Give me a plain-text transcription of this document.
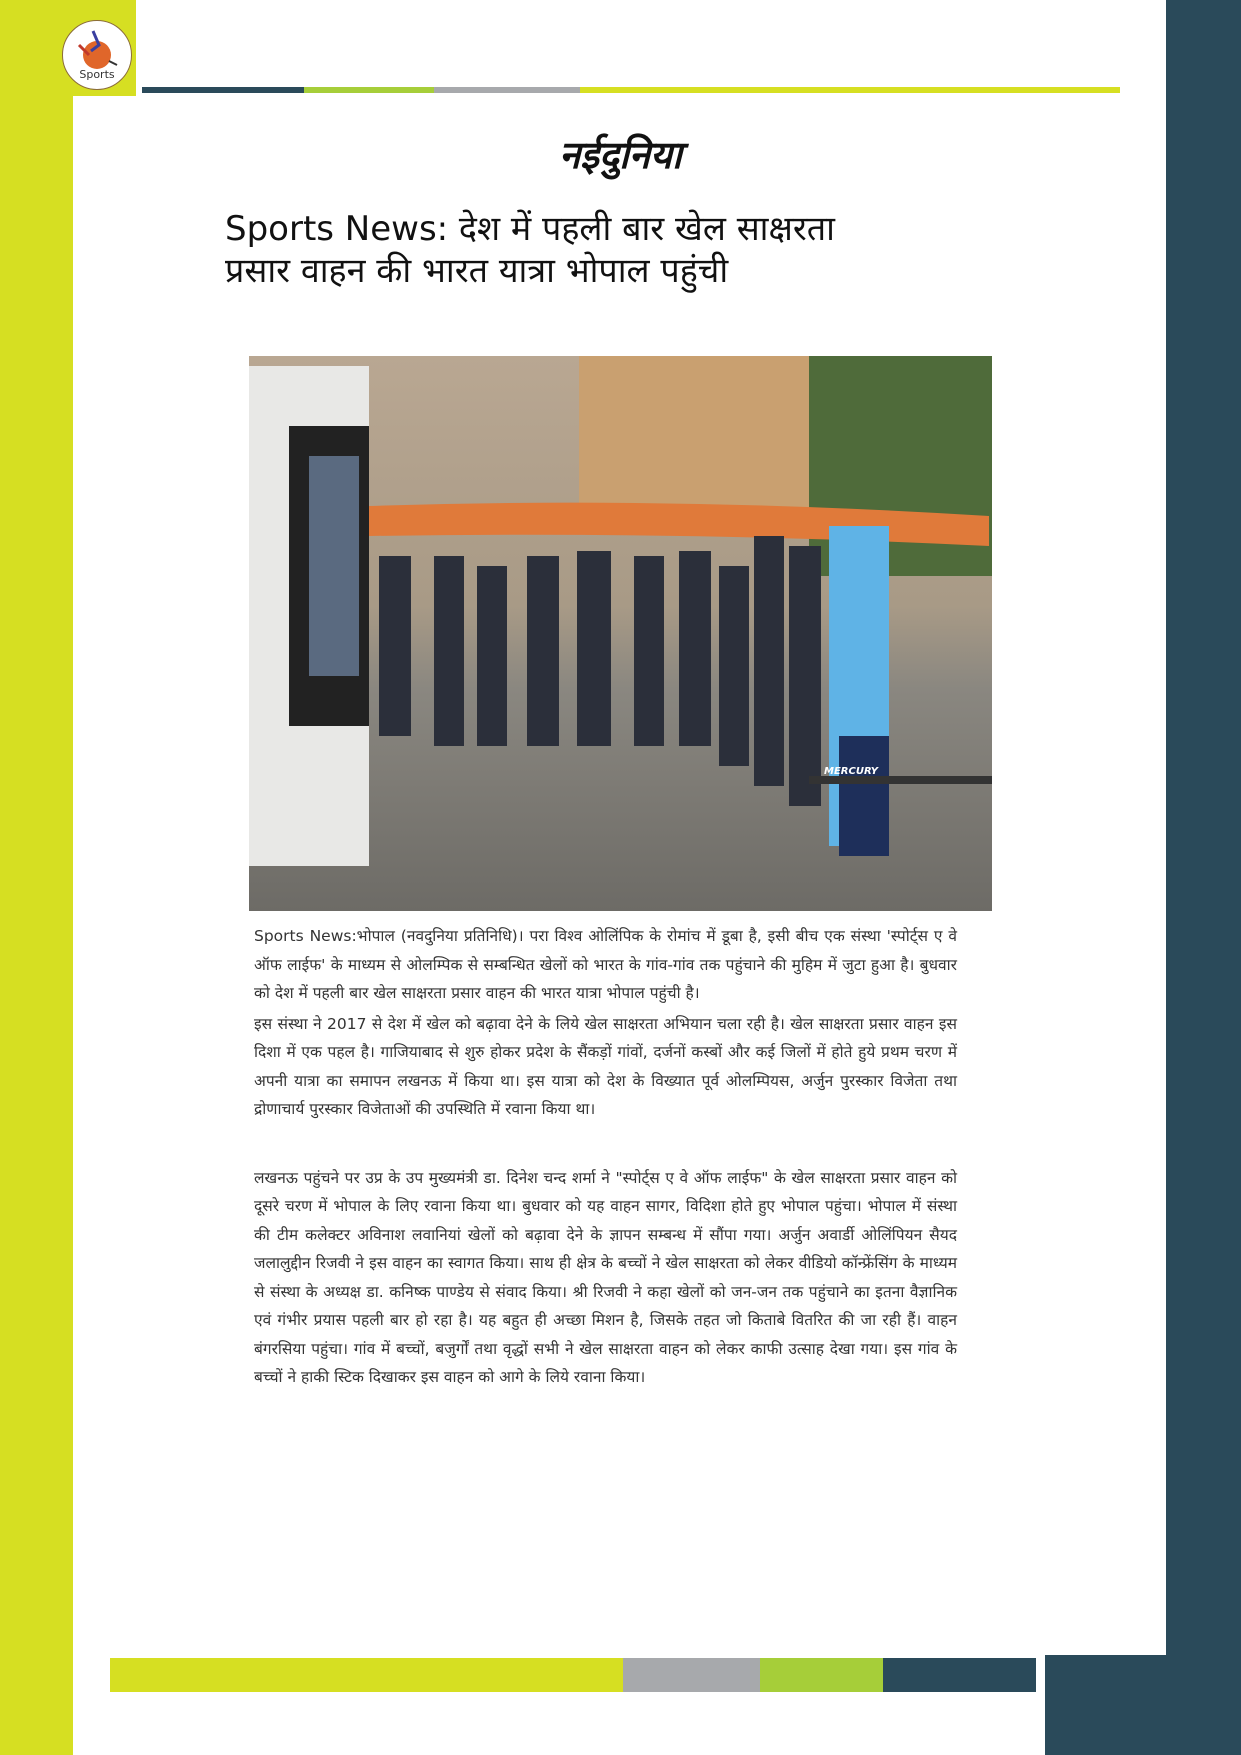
Sports
नईदुनिया
Sports News: देश में पहली बार खेल साक्षरता
प्रसार वाहन की भारत यात्रा भोपाल पहुंची
MERCURY

Sports News:भोपाल (नवदुनिया प्रतिनिधि)। परा विश्व ओलिंपिक के रोमांच में डूबा है, इसी बीच एक संस्था 'स्पोर्ट्स ए वे ऑफ लाईफ' के माध्यम से ओलम्पिक से सम्बन्धित खेलों को भारत के गांव-गांव तक पहुंचाने की मुहिम में जुटा हुआ है। बुधवार को देश में पहली बार खेल साक्षरता प्रसार वाहन की भारत यात्रा भोपाल पहुंची है।

इस संस्था ने 2017 से देश में खेल को बढ़ावा देने के लिये खेल साक्षरता अभियान चला रही है। खेल साक्षरता प्रसार वाहन इस दिशा में एक पहल है। गाजियाबाद से शुरु होकर प्रदेश के सैंकड़ों गांवों, दर्जनों कस्बों और कई जिलों में होते हुये प्रथम चरण में अपनी यात्रा का समापन लखनऊ में किया था। इस यात्रा को देश के विख्यात पूर्व ओलम्पियस, अर्जुन पुरस्कार विजेता तथा द्रोणाचार्य पुरस्कार विजेताओं की उपस्थिति में रवाना किया था।

लखनऊ पहुंचने पर उप्र के उप मुख्यमंत्री डा. दिनेश चन्द शर्मा ने "स्पोर्ट्स ए वे ऑफ लाईफ" के खेल साक्षरता प्रसार वाहन को दूसरे चरण में भोपाल के लिए रवाना किया था। बुधवार को यह वाहन सागर, विदिशा होते हुए भोपाल पहुंचा। भोपाल में संस्था की टीम कलेक्टर अविनाश लवानियां खेलों को बढ़ावा देने के ज्ञापन सम्बन्ध में सौंपा गया। अर्जुन अवार्डी ओलिंपियन सैयद जलालुद्दीन रिजवी ने इस वाहन का स्वागत किया। साथ ही क्षेत्र के बच्चों ने खेल साक्षरता को लेकर वीडियो कॉन्फ्रेंसिंग के माध्यम से संस्था के अध्यक्ष डा. कनिष्क पाण्डेय से संवाद किया। श्री रिजवी ने कहा खेलों को जन-जन तक पहुंचाने का इतना वैज्ञानिक एवं गंभीर प्रयास पहली बार हो रहा है। यह बहुत ही अच्छा मिशन है, जिसके तहत जो किताबे वितरित की जा रही हैं। वाहन बंगरसिया पहुंचा। गांव में बच्चों, बजुर्गों तथा वृद्धों सभी ने खेल साक्षरता वाहन को लेकर काफी उत्साह देखा गया। इस गांव के बच्चों ने हाकी स्टिक दिखाकर इस वाहन को आगे के लिये रवाना किया।
